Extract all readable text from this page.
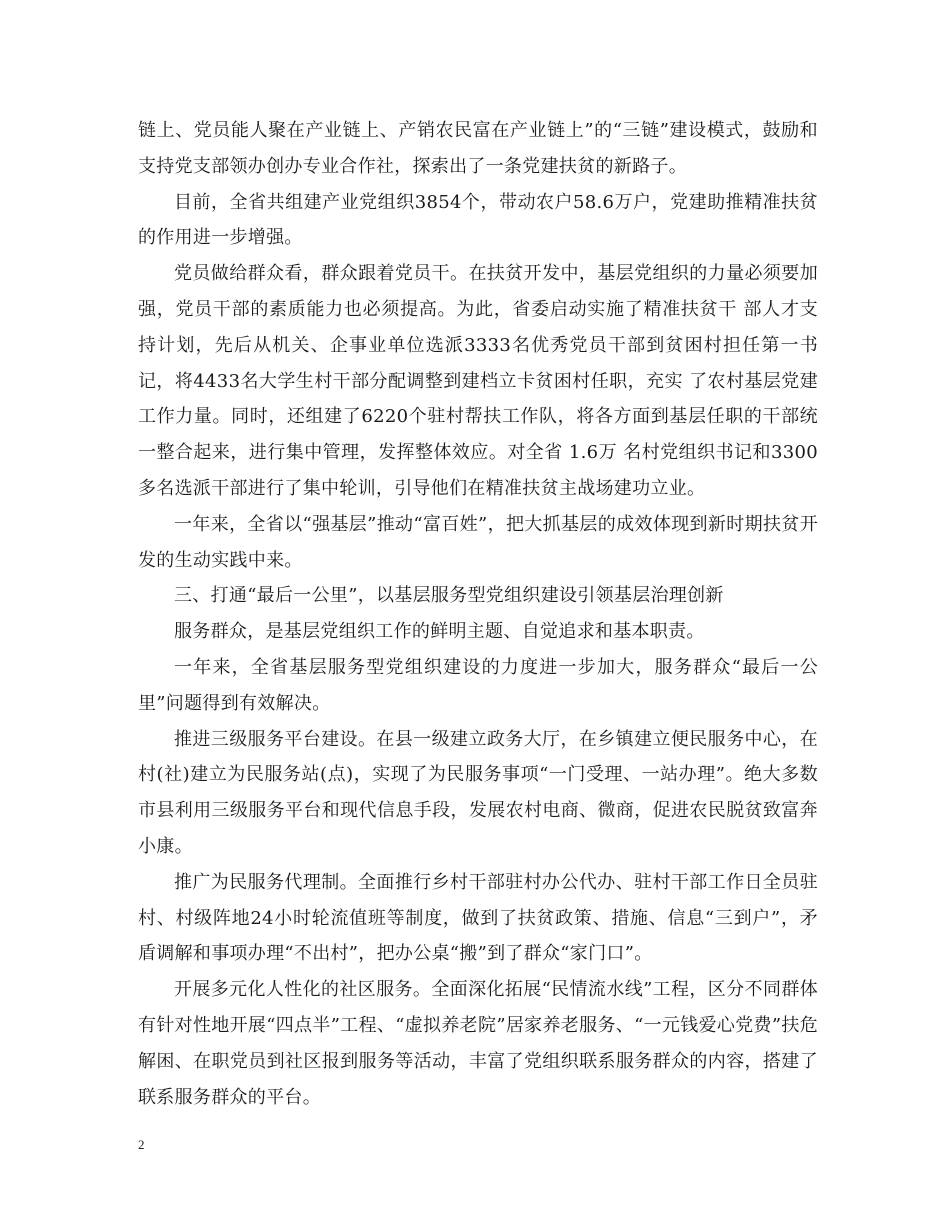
链上、党员能人聚在产业链上、产销农民富在产业链上”的“三链”建设模式，鼓励和支持党支部领办创办专业合作社，探索出了一条党建扶贫的新路子。

目前，全省共组建产业党组织3854个，带动农户58.6万户，党建助推精准扶贫的作用进一步增强。

党员做给群众看，群众跟着党员干。在扶贫开发中，基层党组织的力量必须要加强，党员干部的素质能力也必须提高。为此，省委启动实施了精准扶贫干 部人才支持计划，先后从机关、企事业单位选派3333名优秀党员干部到贫困村担任第一书记，将4433名大学生村干部分配调整到建档立卡贫困村任职，充实 了农村基层党建工作力量。同时，还组建了6220个驻村帮扶工作队，将各方面到基层任职的干部统一整合起来，进行集中管理，发挥整体效应。对全省 1.6万 名村党组织书记和3300多名选派干部进行了集中轮训，引导他们在精准扶贫主战场建功立业。

一年来，全省以“强基层”推动“富百姓”，把大抓基层的成效体现到新时期扶贫开发的生动实践中来。

三、打通“最后一公里”，以基层服务型党组织建设引领基层治理创新

服务群众，是基层党组织工作的鲜明主题、自觉追求和基本职责。

一年来，全省基层服务型党组织建设的力度进一步加大，服务群众“最后一公里”问题得到有效解决。

推进三级服务平台建设。在县一级建立政务大厅，在乡镇建立便民服务中心，在村(社)建立为民服务站(点)，实现了为民服务事项“一门受理、一站办理”。绝大多数市县利用三级服务平台和现代信息手段，发展农村电商、微商，促进农民脱贫致富奔小康。

推广为民服务代理制。全面推行乡村干部驻村办公代办、驻村干部工作日全员驻村、村级阵地24小时轮流值班等制度，做到了扶贫政策、措施、信息“三到户”，矛盾调解和事项办理“不出村”，把办公桌“搬”到了群众“家门口”。

开展多元化人性化的社区服务。全面深化拓展“民情流水线”工程，区分不同群体有针对性地开展“四点半”工程、“虚拟养老院”居家养老服务、“一元钱爱心党费”扶危解困、在职党员到社区报到服务等活动，丰富了党组织联系服务群众的内容，搭建了联系服务群众的平台。

2
